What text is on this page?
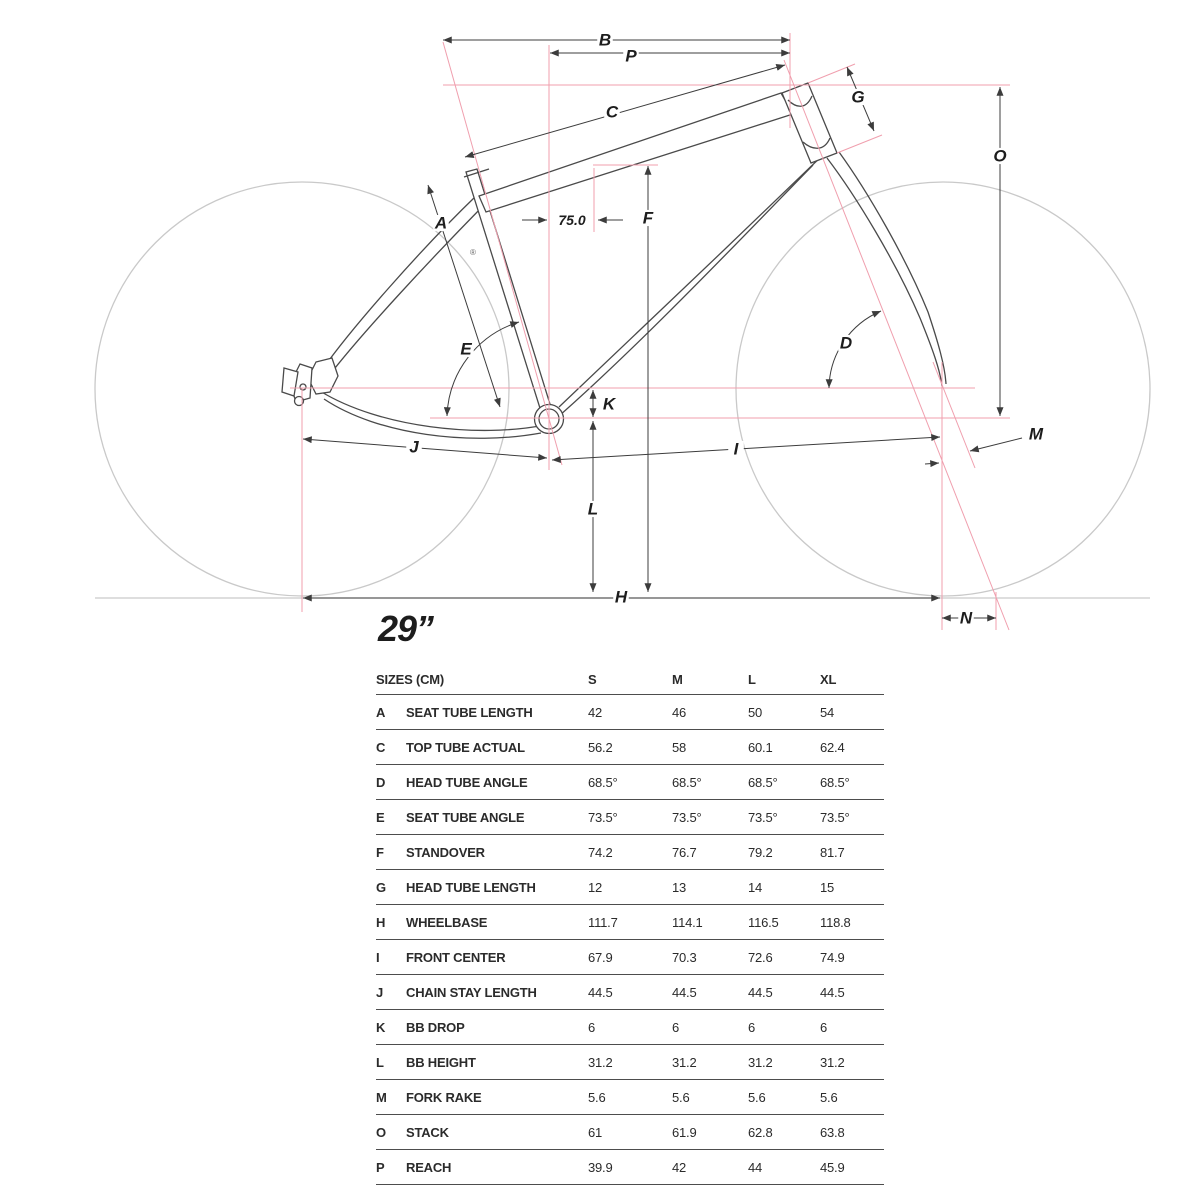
®
A
B
C
D
E
F
G
H
I
J
K
L
M
N
O
P
75.0
29”
SIZES (CM)	S	M	L	XL
A	SEAT TUBE LENGTH	42	46	50	54
C	TOP TUBE ACTUAL	56.2	58	60.1	62.4
D	HEAD TUBE ANGLE	68.5°	68.5°	68.5°	68.5°
E	SEAT TUBE ANGLE	73.5°	73.5°	73.5°	73.5°
F	STANDOVER	74.2	76.7	79.2	81.7
G	HEAD TUBE LENGTH	12	13	14	15
H	WHEELBASE	111.7	114.1	116.5	118.8
I	FRONT CENTER	67.9	70.3	72.6	74.9
J	CHAIN STAY LENGTH	44.5	44.5	44.5	44.5
K	BB DROP	6	6	6	6
L	BB HEIGHT	31.2	31.2	31.2	31.2
M	FORK RAKE	5.6	5.6	5.6	5.6
O	STACK	61	61.9	62.8	63.8
P	REACH	39.9	42	44	45.9
